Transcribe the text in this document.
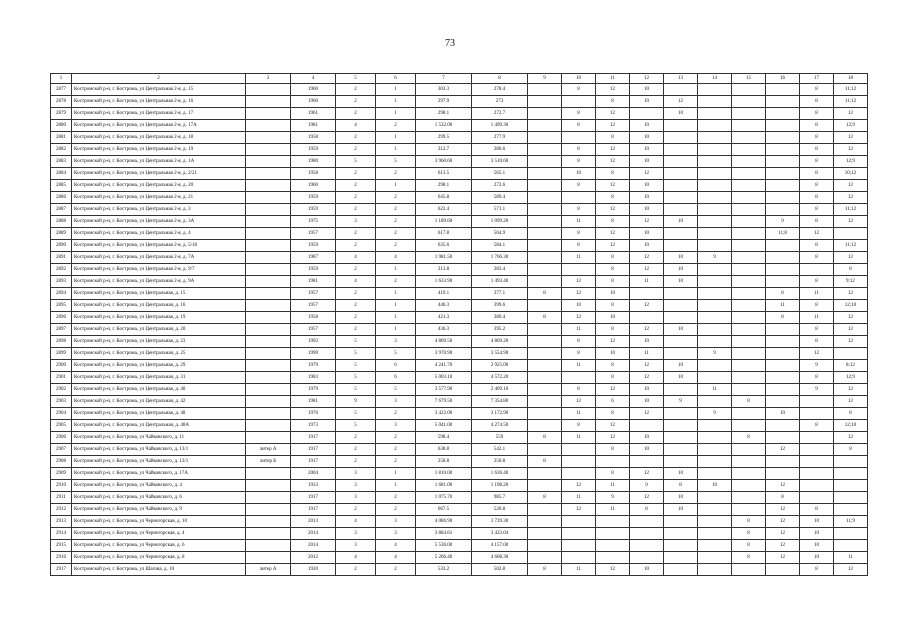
73
1	2	3	4	5	6	7	8	9	10	11	12	13	14	15	16	17	18
2877	Костромской р-н, г. Кострома, ул Центральная 2-я, д. 15		1960	2	1	303.3	278.4		8	12	10					8	11;12
2878	Костромской р-н, г. Кострома, ул Центральная 2-я, д. 16		1960	2	1	297.9	273			8	10	12				8	11;12
2879	Костромской р-н, г. Кострома, ул Центральная 2-я, д. 17		1961	2	1	298.1	272.7		8	12		10				8	12
2880	Костромской р-н, г. Кострома, ул Центральная 2-я, д. 17А		1981	4	2	1 532.00	1 499.30		8	12	10					8	12;9
2881	Костромской р-н, г. Кострома, ул Центральная 2-я, д. 18		1958	2	1	299.5	277.9			8	10					8	12
2882	Костромской р-н, г. Кострома, ул Центральная 2-я, д. 19		1959	2	1	312.7	286.6		8	12	10					8	12
2883	Костромской р-н, г. Кострома, ул Центральная 2-я, д. 1А		1980	5	5	3 960.60	3 510.60		8	12	10					8	12;9
2884	Костромской р-н, г. Кострома, ул Центральная 2-я, д. 2/21		1958	2	2	613.5	565.1		10	8	12					8	10;12
2885	Костромской р-н, г. Кострома, ул Центральная 2-я, д. 20		1960	2	1	298.1	272.6		8	12	10					8	12
2886	Костромской р-н, г. Кострома, ул Центральная 2-я, д. 21		1959	2	2	645.8	589.4			8	10					8	12
2887	Костромской р-н, г. Кострома, ул Центральная 2-я, д. 3		1959	2	2	622.4	571.1		8	12	10					8	11;12
2888	Костромской р-н, г. Кострома, ул Центральная 2-я, д. 3А		1975	3	2	1 189.60	1 099.20		11	8	12	10			9	8	12
2889	Костромской р-н, г. Кострома, ул Центральная 2-я, д. 4		1957	2	2	617.8	564.9		8	12	10				11;8	12	
2890	Костромской р-н, г. Кострома, ул Центральная 2-я, д. 5/18		1959	2	2	635.6	584.1		8	12	10					8	11;12
2891	Костромской р-н, г. Кострома, ул Центральная 2-я, д. 7А		1987	4	4	1 981.50	1 766.30		11	8	12	10	9			8	12
2892	Костромской р-н, г. Кострома, ул Центральная 2-я, д. 9/7		1959	2	1	313.8	283.4			8	12	10					8
2893	Костромской р-н, г. Кострома, ул Центральная 2-я, д. 9А		1981	4	2	1 633.90	1 493.40		12	8	11	10				8	9;12
2894	Костромской р-н, г. Кострома, ул Центральная, д. 15		1957	2	1	419.1	377.1	8	12	10					8	11	12
2895	Костромской р-н, г. Кострома, ул Центральная, д. 16		1957	2	1	440.3	399.6		10	8	12				11	8	12;10
2896	Костромской р-н, г. Кострома, ул Центральная, д. 19		1958	2	1	421.3	380.4	8	12	10					8	11	12
2897	Костромской р-н, г. Кострома, ул Центральная, д. 20		1957	2	1	436.3	395.2		11	8	12	10				8	12
2898	Костромской р-н, г. Кострома, ул Центральная, д. 23		1993	5	3	4 869.50	4 869.20		8	12	10					8	12
2899	Костромской р-н, г. Кострома, ул Центральная, д. 25		1990	5	5	3 970.90	3 554.90		8	10	11		9			12	
2900	Костромской р-н, г. Кострома, ул Центральная, д. 29		1979	5	6	4 241.70	2 925.00		11	8	12	10				9	8;12
2901	Костромской р-н, г. Кострома, ул Центральная, д. 31		1983	5	6	5 003.10	4 572.20			8	12	10				8	12;9
2902	Костромской р-н, г. Кострома, ул Центральная, д. 40		1979	5	5	3 577.90	2 409.10		8	12	10		11			9	12
2903	Костромской р-н, г. Кострома, ул Центральная, д. 42		1981	9	3	7 679.50	7 354.80		12	6	10	9		8			12
2904	Костромской р-н, г. Кострома, ул Центральная, д. 48		1970	5	2	3 422.00	3 172.90		11	8	12		9		10		8
2905	Костромской р-н, г. Кострома, ул Центральная, д. 48А		1973	5	3	5 041.00	4 274.50		8	12						8	12;10
2906	Костромской р-н, г. Кострома, ул Чайковского, д. 11		1917	2	2	598.4	559	8	11	12	10			8			12
2907	Костромской р-н, г. Кострома, ул Чайковского, д. 13/1	литер А	1917	2	2	638.8	542.1			8	10				12		8
2908	Костромской р-н, г. Кострома, ул Чайковского, д. 13/1	литер Б	1917	2	2	258.8	250.8	8									
2909	Костромской р-н, г. Кострома, ул Чайковского, д. 17А		2004	3	1	1 810.00	1 636.40			8	12	10					
2910	Костромской р-н, г. Кострома, ул Чайковского, д. 4		1933	3	1	1 681.00	1 198.20		12	11	9	8	10		12		
2911	Костромской р-н, г. Кострома, ул Чайковского, д. 6		1917	3	2	1 075.70	985.7	8	11	9	12	10			8		
2912	Костромской р-н, г. Кострома, ул Чайковского, д. 9		1917	2	2	667.5	520.8		12	11	8	10			12	8	
2913	Костромской р-н, г. Кострома, ул Черногорская, д. 10		2013	4	3	4 086.90	3 739.30							8	12	10	11;9
2914	Костромской р-н, г. Кострома, ул Черногорская, д. 4		2014	3	3	3 884.61	3 433.04							8	12	10	
2915	Костромской р-н, г. Кострома, ул Черногорская, д. 6		2014	3	4	5 536.00	4 157.00							8	12	10	
2916	Костромской р-н, г. Кострома, ул Черногорская, д. 8		2012	4	4	5 266.40	4 608.30							8	12	10	11
2917	Костромской р-н, г. Кострома, ул Шагова, д. 10	литер А	1920	2	2	533.2	502.8	8	11	12	10					8	12
